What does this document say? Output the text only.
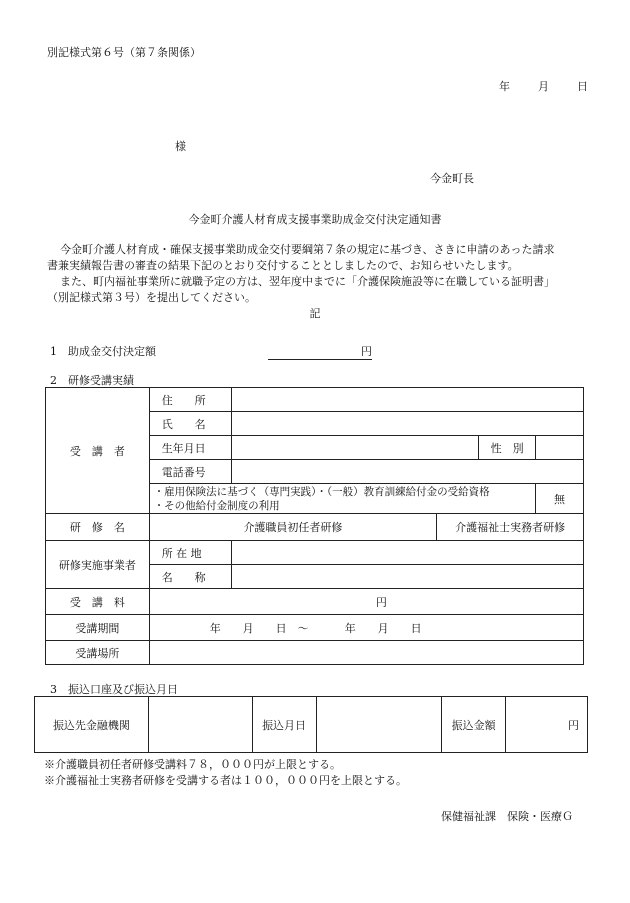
別記様式第６号（第７条関係）
年	月	日
様
今金町長
今金町介護人材育成支援事業助成金交付決定通知書
今金町介護人材育成・確保支援事業助成金交付要綱第７条の規定に基づき、さきに申請のあった請求
書兼実績報告書の審査の結果下記のとおり交付することとしましたので、お知らせいたします。
また、町内福祉事業所に就職予定の方は、翌年度中までに「介護保険施設等に在職している証明書」
（別記様式第３号）を提出してください。
記
1　助成金交付決定額	円
2　研修受講実績
受　講　者	住　　所				
	氏　　名				
	生年月日			性　別	
	電話番号				

	・雇用保険法に基づく（専門実践）・（一般）教育訓練給付金の受給資格
・その他給付金制度の利用				無
研　修　名	介護職員初任者研修		介護福祉士実務者研修		
研修実施事業者	所 在 地				
	名　　称				
受　講　料	円				
受講期間	年　　月　　日　～ 年　　月　　日				
受講場所					
3　振込口座及び振込月日
振込先金融機関		振込月日		振込金額	円
※介護職員初任者研修受講料７８，０００円が上限とする。
※介護福祉士実務者研修を受講する者は１００，０００円を上限とする。
保健福祉課　保険・医療Ｇ
